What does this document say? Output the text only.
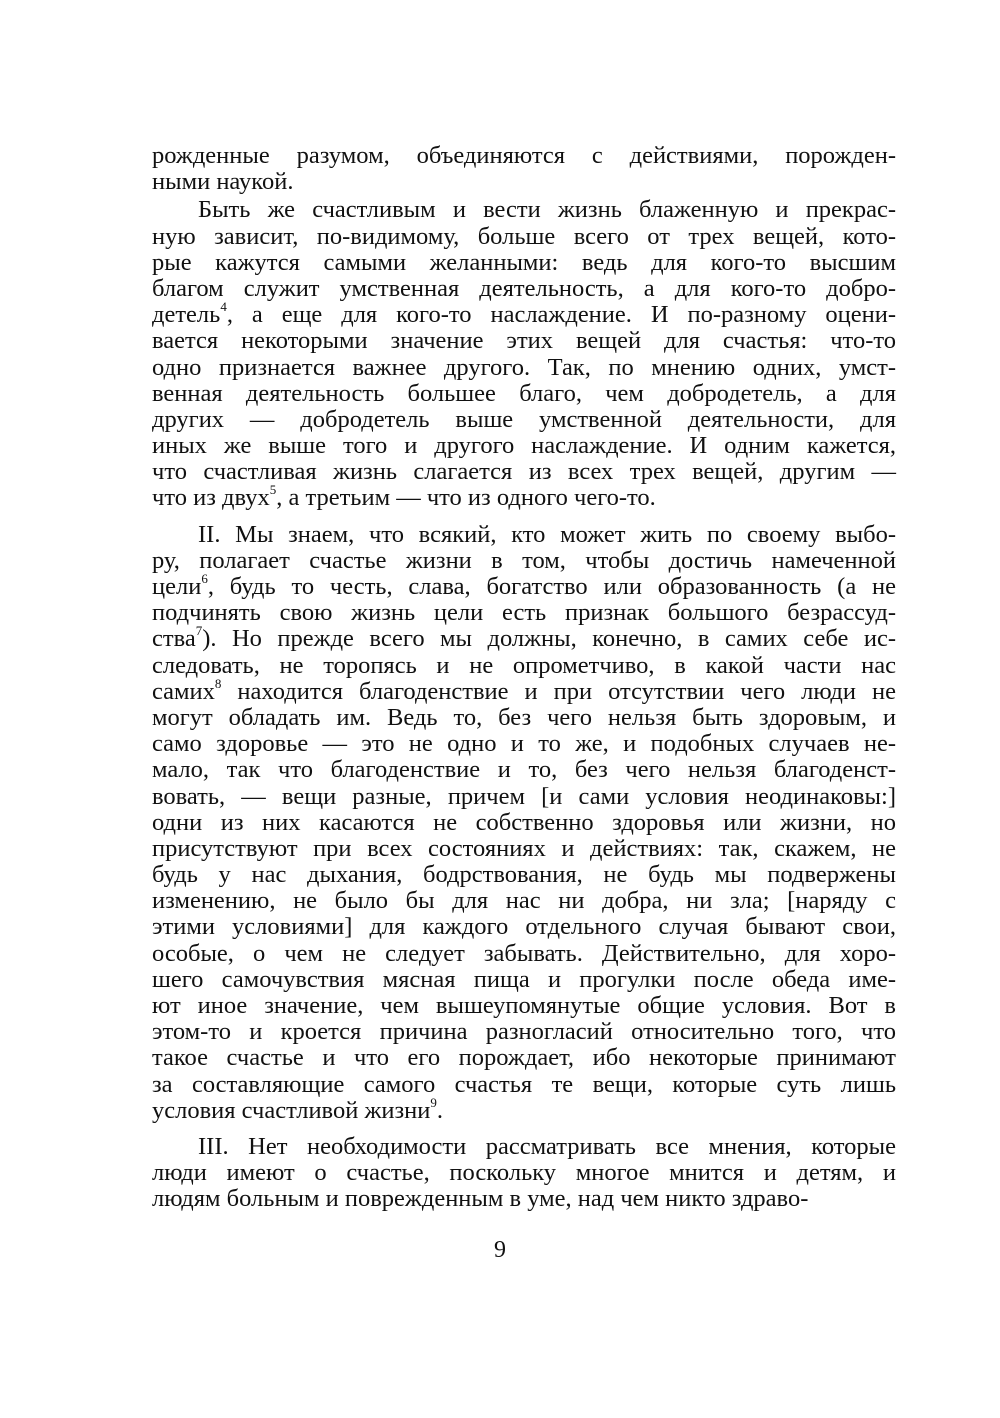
рожденные разумом, объединяются с действиями, порожден-
ными наукой.
Быть же счастливым и вести жизнь блаженную и прекрас-
ную зависит, по-видимому, больше всего от трех вещей, кото-
рые кажутся самыми желанными: ведь для кого-то высшим
благом служит умственная деятельность, а для кого-то добро-
детель$^4$, а еще для кого-то наслаждение. И по-разному оцени-
вается некоторыми значение этих вещей для счастья: что-то
одно признается важнее другого. Так, по мнению одних, умст-
венная деятельность большее благо, чем добродетель, а для
других — добродетель выше умственной деятельности, для
иных же выше того и другого наслаждение. И одним кажется,
что счастливая жизнь слагается из всех трех вещей, другим —
что из двух$^5$, а третьим — что из одного чего-то.
II. Мы знаем, что всякий, кто может жить по своему выбо-
ру, полагает счастье жизни в том, чтобы достичь намеченной
цели$^6$, будь то честь, слава, богатство или образованность (а не
подчинять свою жизнь цели есть признак большого безрассуд-
ства$^7$). Но прежде всего мы должны, конечно, в самих себе ис-
следовать, не торопясь и не опрометчиво, в какой части нас
самих$^8$ находится благоденствие и при отсутствии чего люди не
могут обладать им. Ведь то, без чего нельзя быть здоровым, и
само здоровье — это не одно и то же, и подобных случаев не-
мало, так что благоденствие и то, без чего нельзя благоденст-
вовать, — вещи разные, причем [и сами условия неодинаковы:]
одни из них касаются не собственно здоровья или жизни, но
присутствуют при всех состояниях и действиях: так, скажем, не
будь у нас дыхания, бодрствования, не будь мы подвержены
изменению, не было бы для нас ни добра, ни зла; [наряду с
этими условиями] для каждого отдельного случая бывают свои,
особые, о чем не следует забывать. Действительно, для хоро-
шего самочувствия мясная пища и прогулки после обеда име-
ют иное значение, чем вышеупомянутые общие условия. Вот в
этом-то и кроется причина разногласий относительно того, что
такое счастье и что его порождает, ибо некоторые принимают
за составляющие самого счастья те вещи, которые суть лишь
условия счастливой жизни$^9$.
III. Нет необходимости рассматривать все мнения, которые
люди имеют о счастье, поскольку многое мнится и детям, и
людям больным и поврежденным в уме, над чем никто здраво-
9
